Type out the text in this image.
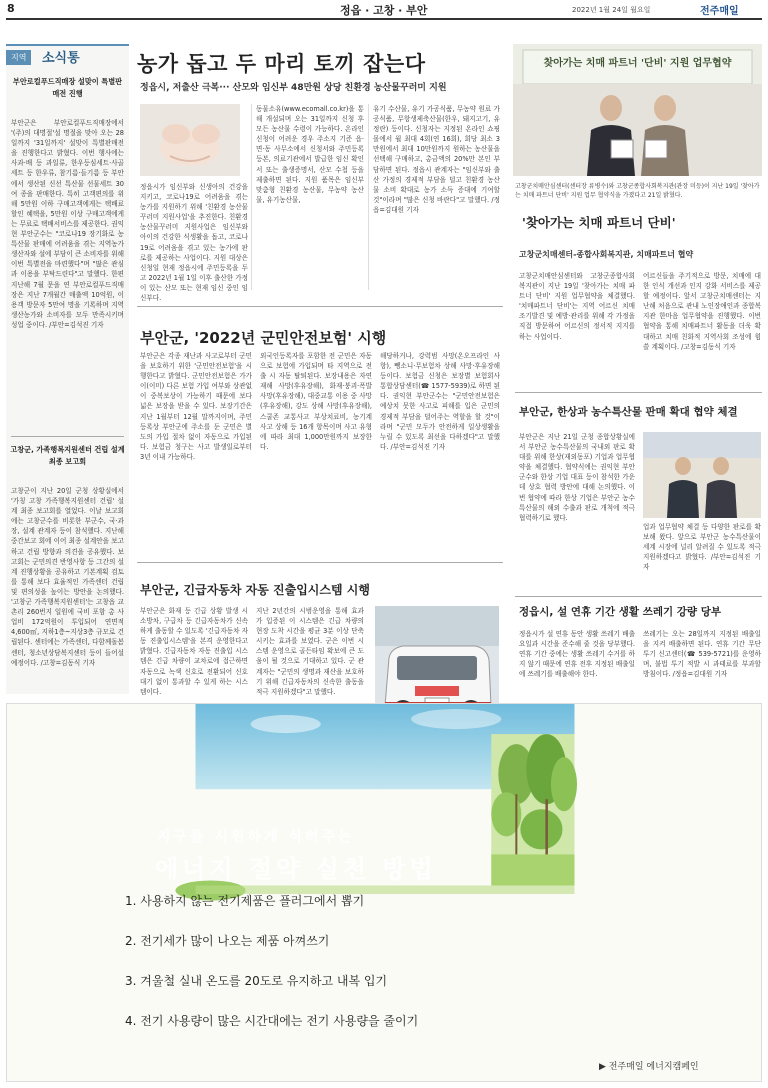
8	정읍 · 고창 · 부안	2022년 1월 24일 월요일	전주매일
지역	소식통
부안로컬푸드직매장 설맞이 특별판매전 진행
부안군은 부안로컬푸드직매장에서 '(주)의 대명절'설 명절을 맞아 오는 28일까지 '31일까지' 설맞이 특별판매전을 진행한다고 밝혔다. 이번 행사에는 사과·배 등 과일류, 한우등심세트·사골세트 등 한우류, 참기름·들기름 등 부안에서 생산된 신선 특산물 선물세트 30여 종을 판매한다. 특히 고객편의를 위해 5만원 이하 구매고객에게는 택배료 할인 혜택을, 5만원 이상 구매고객에게는 무료로 택배서비스를 제공한다. 권익현 부안군수는 "코로나19 장기화로 농특산물 판매에 어려움을 겪는 지역농가 생산자와 설에 부담이 큰 소비자를 위해 이번 특별전을 마련했다"며 "많은 관심과 이용을 부탁드린다"고 말했다. 한편 지난해 7월 문을 연 부안로컬푸드직매장은 지난 7개월간 매출액 10억원, 이용객 방문자 5만여 명을 기록하며 지역 생산농가와 소비자를 모두 만족시키며 성업 중이다. /부안=김석진 기자
고창군, 가족행복지원센터 건립 설계 최종 보고회
고창군이 지난 20일 군청 상황실에서 '가칭 고창 가족행복지원센터 건립' 설계 최종 보고회를 열었다. 이날 보고회에는 고창군수를 비롯한 부군수, 국·과장, 설계 관계자 등이 참석했다. 지난해 중간보고 회에 이어 최종 설계안을 보고하고 건립 방향과 의견을 공유했다. 보고회는 군민의견 반영사항 등 그간의 설계 진행상황을 공유하고 기본계획 검토를 통해 보다 효율적인 가족센터 건립 및 편의성을 높이는 방안을 논의했다. '고창군 가족행복지원센터'는 고창읍 교촌리 260번지 일원에 국비 포함 총 사업비 172억원이 투입되어 연면적 4,600㎡, 지하1층~지상3층 규모로 건립된다. 센터에는 가족센터, 다함께돌봄센터, 청소년상담복지센터 등이 들어설 예정이다. /고창=김동식 기자
농가 돕고 두 마리 토끼 잡는다
정읍시, 저출산 극복··· 산모와 임신부 48만원 상당 친환경 농산물꾸러미 지원
정읍시가 임신부와 신생아의 건강을 지키고, 코로나19로 어려움을 겪는 농가를 지원하기 위해 '친환경 농산물꾸러미 지원사업'을 추진한다. 친환경 농산물꾸러미 지원사업은 임신부와 아이의 건강한 식생활을 돕고, 코로나19로 어려움을 겪고 있는 농가에 판로를 제공하는 사업이다. 지원 대상은 신청일 현재 정읍시에 주민등록을 두고 2022년 1월 1일 이후 출산한 가정이 있는 산모 또는 현재 임신 중인 임신부다.
동물소유(www.ecomall.co.kr)을 통해 개설되며 오는 31일까지 신청 후 모든 농산물 수령이 가능하다. 온라인 신청이 어려운 경우 주소지 기준 읍·면·동 사무소에서 신청서와 주민등록등본, 의료기관에서 발급한 임신 확인서 또는 출생증명서, 산모 수첩 등을 제출하면 된다. 지원 품목은 임신부 맞춤형 친환경 농산물, 무농약 농산물, 유기농산물,
유기 수산물, 유기 가공식품, 무농약 원료 가공식품, 무항생제축산물(한우, 돼지고기, 유정란) 등이다. 신청자는 지정된 온라인 쇼핑몰에서 월 최대 4회(연 16회), 회당 최소 3만원에서 최대 10만원까지 원하는 농산물을 선택해 구매하고, 총금액의 20%만 본인 부담하면 된다. 정읍시 관계자는 "임신부와 출산 가정의 경제적 부담을 덜고 친환경 농산물 소비 확대로 농가 소득 증대에 기여할 것"이라며 "많은 신청 바란다"고 말했다. /정읍=김대원 기자
부안군, '2022년 군민안전보험' 시행
부안군은 각종 재난과 사고로부터 군민을 보호하기 위한 '군민안전보험'을 시행한다고 밝혔다. 군민안전보험은 가가이(이미) 다른 보험 가입 여부와 상관없이 중복보상이 가능하기 때문에 보다 넓은 보장을 받을 수 있다. 보장기간은 지난 1월부터 12월 말까지이며, 주민등록상 부안군에 주소를 둔 군민은 별도의 가입 절차 없이 자동으로 가입된다. 보험금 청구는 사고 발생일로부터 3년 이내 가능하다.
외국인등록자를 포함한 전 군민은 자동으로 보험에 가입되며 타 지역으로 전출 시 자동 탈퇴된다. 보장내용은 자연재해 사망(후유장해), 화재·붕괴·폭발 사망(후유장해), 대중교통 이용 중 사망(후유장해), 강도 상해 사망(후유장해), 스쿨존 교통사고 부상치료비, 농기계 사고 상해 등 16개 항목이며 사고 유형에 따라 최대 1,000만원까지 보장한다.
해당하거나, 강력범 사망(온오프라인 사항), 뺑소니·무보험차 상해 사망·후유장해 등이다. 보험금 신청은 보장별 보험회사 통합상담센터(☎ 1577-5939)로 하면 된다. 권익현 부안군수는 "군민안전보험은 예상치 못한 사고로 피해를 입은 군민의 경제적 부담을 덜어주는 역할을 할 것"이라며 "군민 모두가 안전하게 일상생활을 누릴 수 있도록 최선을 다하겠다"고 말했다. /부안=김석진 기자
부안군, 긴급자동차 자동 진출입시스템 시행
부안군은 화재 등 긴급 상황 발생 시 소방차, 구급차 등 긴급자동차가 신속하게 출동할 수 있도록 '긴급자동차 자동 진출입시스템'을 본격 운영한다고 밝혔다. 긴급자동차 자동 진출입 시스템은 긴급 차량이 교차로에 접근하면 자동으로 녹색 신호로 전환되어 신호 대기 없이 통과할 수 있게 하는 시스템이다.
지난 2년간의 시범운영을 통해 효과가 입증된 이 시스템은 긴급 차량의 현장 도착 시간을 평균 3분 이상 단축시키는 효과를 보였다. 군은 이번 시스템 운영으로 골든타임 확보에 큰 도움이 될 것으로 기대하고 있다. 군 관계자는 "군민의 생명과 재산을 보호하기 위해 긴급자동차의 신속한 출동을 적극 지원하겠다"고 말했다.
찾아가는 치매 파트너 '단비' 지원 업무협약
고창군치매안심센터(센터장 류병수)와 고창군종합사회복지관(관장 미등)이 지난 19일 '찾아가는 치매 파트너 단비' 지원 업무 협약식을 가졌다고 21일 밝혔다.
'찾아가는 치매 파트너 단비'
고창군치매센터-종합사회복지관, 치매파트너 협약
고창군치매안심센터와 고창군종합사회복지관이 지난 19일 '찾아가는 치매 파트너 단비' 지원 업무협약을 체결했다. '치매파트너 단비'는 지역 어르신 치매 조기발견 및 예방·관리를 위해 각 가정을 직접 방문하여 어르신의 정서적 지지를 하는 사업이다.
어르신들을 주기적으로 방문, 치매에 대한 인식 개선과 인지 강화 서비스를 제공할 예정이다. 앞서 고창군치매센터는 지난해 처음으로 관내 노인장애인과 종합복지관 한마음 업무협약을 진행했다. 이번 협약을 통해 치매파트너 활동을 더욱 확대하고 치매 친화적 지역사회 조성에 힘쓸 계획이다. /고창=김동식 기자
부안군, 한상과 농수특산물 판매 확대 협약 체결
부안군은 지난 21일 군청 종합상황실에서 부안군 농수특산물의 국내외 판로 확대를 위해 한상(재외동포) 기업과 업무협약을 체결했다. 협약식에는 권익현 부안군수와 한상 기업 대표 등이 참석한 가운데 상호 협력 방안에 대해 논의했다. 이번 협약에 따라 한상 기업은 부안군 농수특산물의 해외 수출과 판로 개척에 적극 협력하기로 했다.
업과 업무협약 체결 등 다양한 판로를 확보해 왔다. 앞으로 부안군 농수특산물이 세계 시장에 널리 알려질 수 있도록 적극 지원하겠다고 밝혔다. /부안=김석진 기자
정읍시, 설 연휴 기간 생활 쓰레기 강량 당부
정읍시가 설 연휴 동안 생활 쓰레기 배출 요일과 시간을 준수해 줄 것을 당부했다. 연휴 기간 중에는 생활 쓰레기 수거를 하지 않기 때문에 연휴 전후 지정된 배출일에 쓰레기를 배출해야 한다.
쓰레기는 오는 28일까지 지정된 배출일을 지켜 배출하면 된다. 연휴 기간 무단 투기 신고센터(☎ 539-5721)를 운영하며, 불법 투기 적발 시 과태료를 부과할 방침이다. /정읍=김대원 기자
지구를 시원하게 식혀주는
에너지 절약 실천 방법
1. 사용하지 않는 전기제품은 플러그에서 뽑기
2. 전기세가 많이 나오는 제품 아껴쓰기
3. 겨울철 실내 온도를 20도로 유지하고 내복 입기
4. 전기 사용량이 많은 시간대에는 전기 사용량을 줄이기
▶ 전주매일 에너지캠페인
